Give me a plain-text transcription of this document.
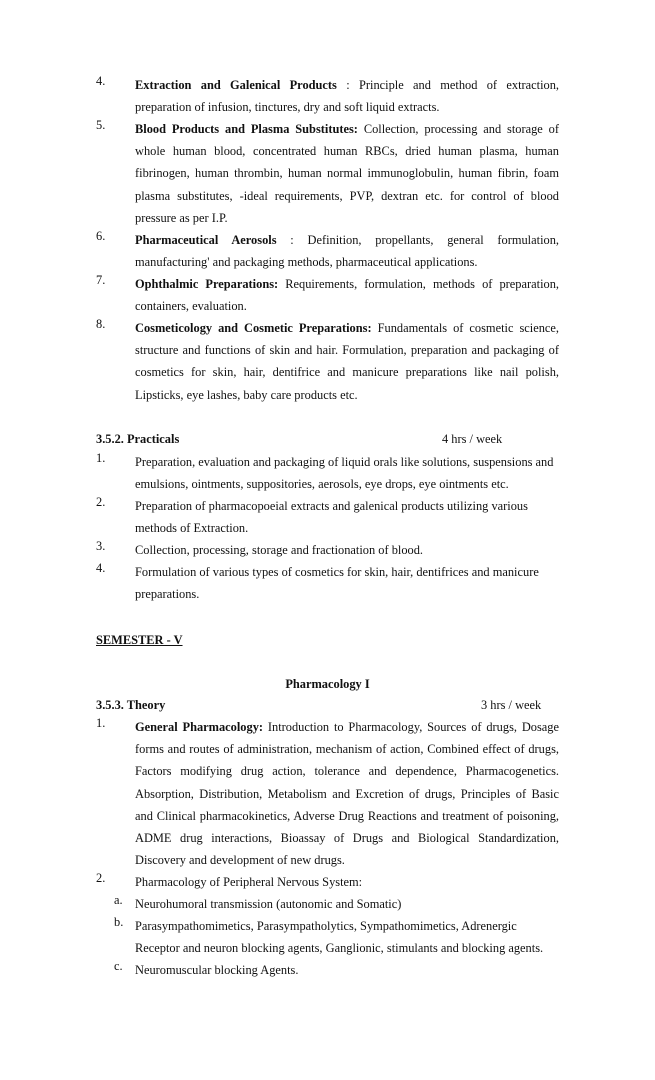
4. Extraction and Galenical Products : Principle and method of extraction, preparation of infusion, tinctures, dry and soft liquid extracts.
5. Blood Products and Plasma Substitutes: Collection, processing and storage of whole human blood, concentrated human RBCs, dried human plasma, human fibrinogen, human thrombin, human normal immunoglobulin, human fibrin, foam plasma substitutes, -ideal requirements, PVP, dextran etc. for control of blood pressure as per I.P.
6. Pharmaceutical Aerosols : Definition, propellants, general formulation, manufacturing' and packaging methods, pharmaceutical applications.
7. Ophthalmic Preparations: Requirements, formulation, methods of preparation, containers, evaluation.
8. Cosmeticology and Cosmetic Preparations: Fundamentals of cosmetic science, structure and functions of skin and hair. Formulation, preparation and packaging of cosmetics for skin, hair, dentifrice and manicure preparations like nail polish, Lipsticks, eye lashes, baby care products etc.
3.5.2. Practicals	4 hrs / week
1. Preparation, evaluation and packaging of liquid orals like solutions, suspensions and emulsions, ointments, suppositories, aerosols, eye drops, eye ointments etc.
2. Preparation of pharmacopoeial extracts and galenical products utilizing various methods of Extraction.
3. Collection, processing, storage and fractionation of blood.
4. Formulation of various types of cosmetics for skin, hair, dentifrices and manicure preparations.
SEMESTER - V
Pharmacology I
3.5.3. Theory	3 hrs / week
1. General Pharmacology: Introduction to Pharmacology, Sources of drugs, Dosage forms and routes of administration, mechanism of action, Combined effect of drugs, Factors modifying drug action, tolerance and dependence, Pharmacogenetics. Absorption, Distribution, Metabolism and Excretion of drugs, Principles of Basic and Clinical pharmacokinetics, Adverse Drug Reactions and treatment of poisoning, ADME drug interactions, Bioassay of Drugs and Biological Standardization, Discovery and development of new drugs.
2. Pharmacology of Peripheral Nervous System:
a. Neurohumoral transmission (autonomic and Somatic)
b. Parasympathomimetics, Parasympatholytics, Sympathomimetics, Adrenergic Receptor and neuron blocking agents, Ganglionic, stimulants and blocking agents.
c. Neuromuscular blocking Agents.
